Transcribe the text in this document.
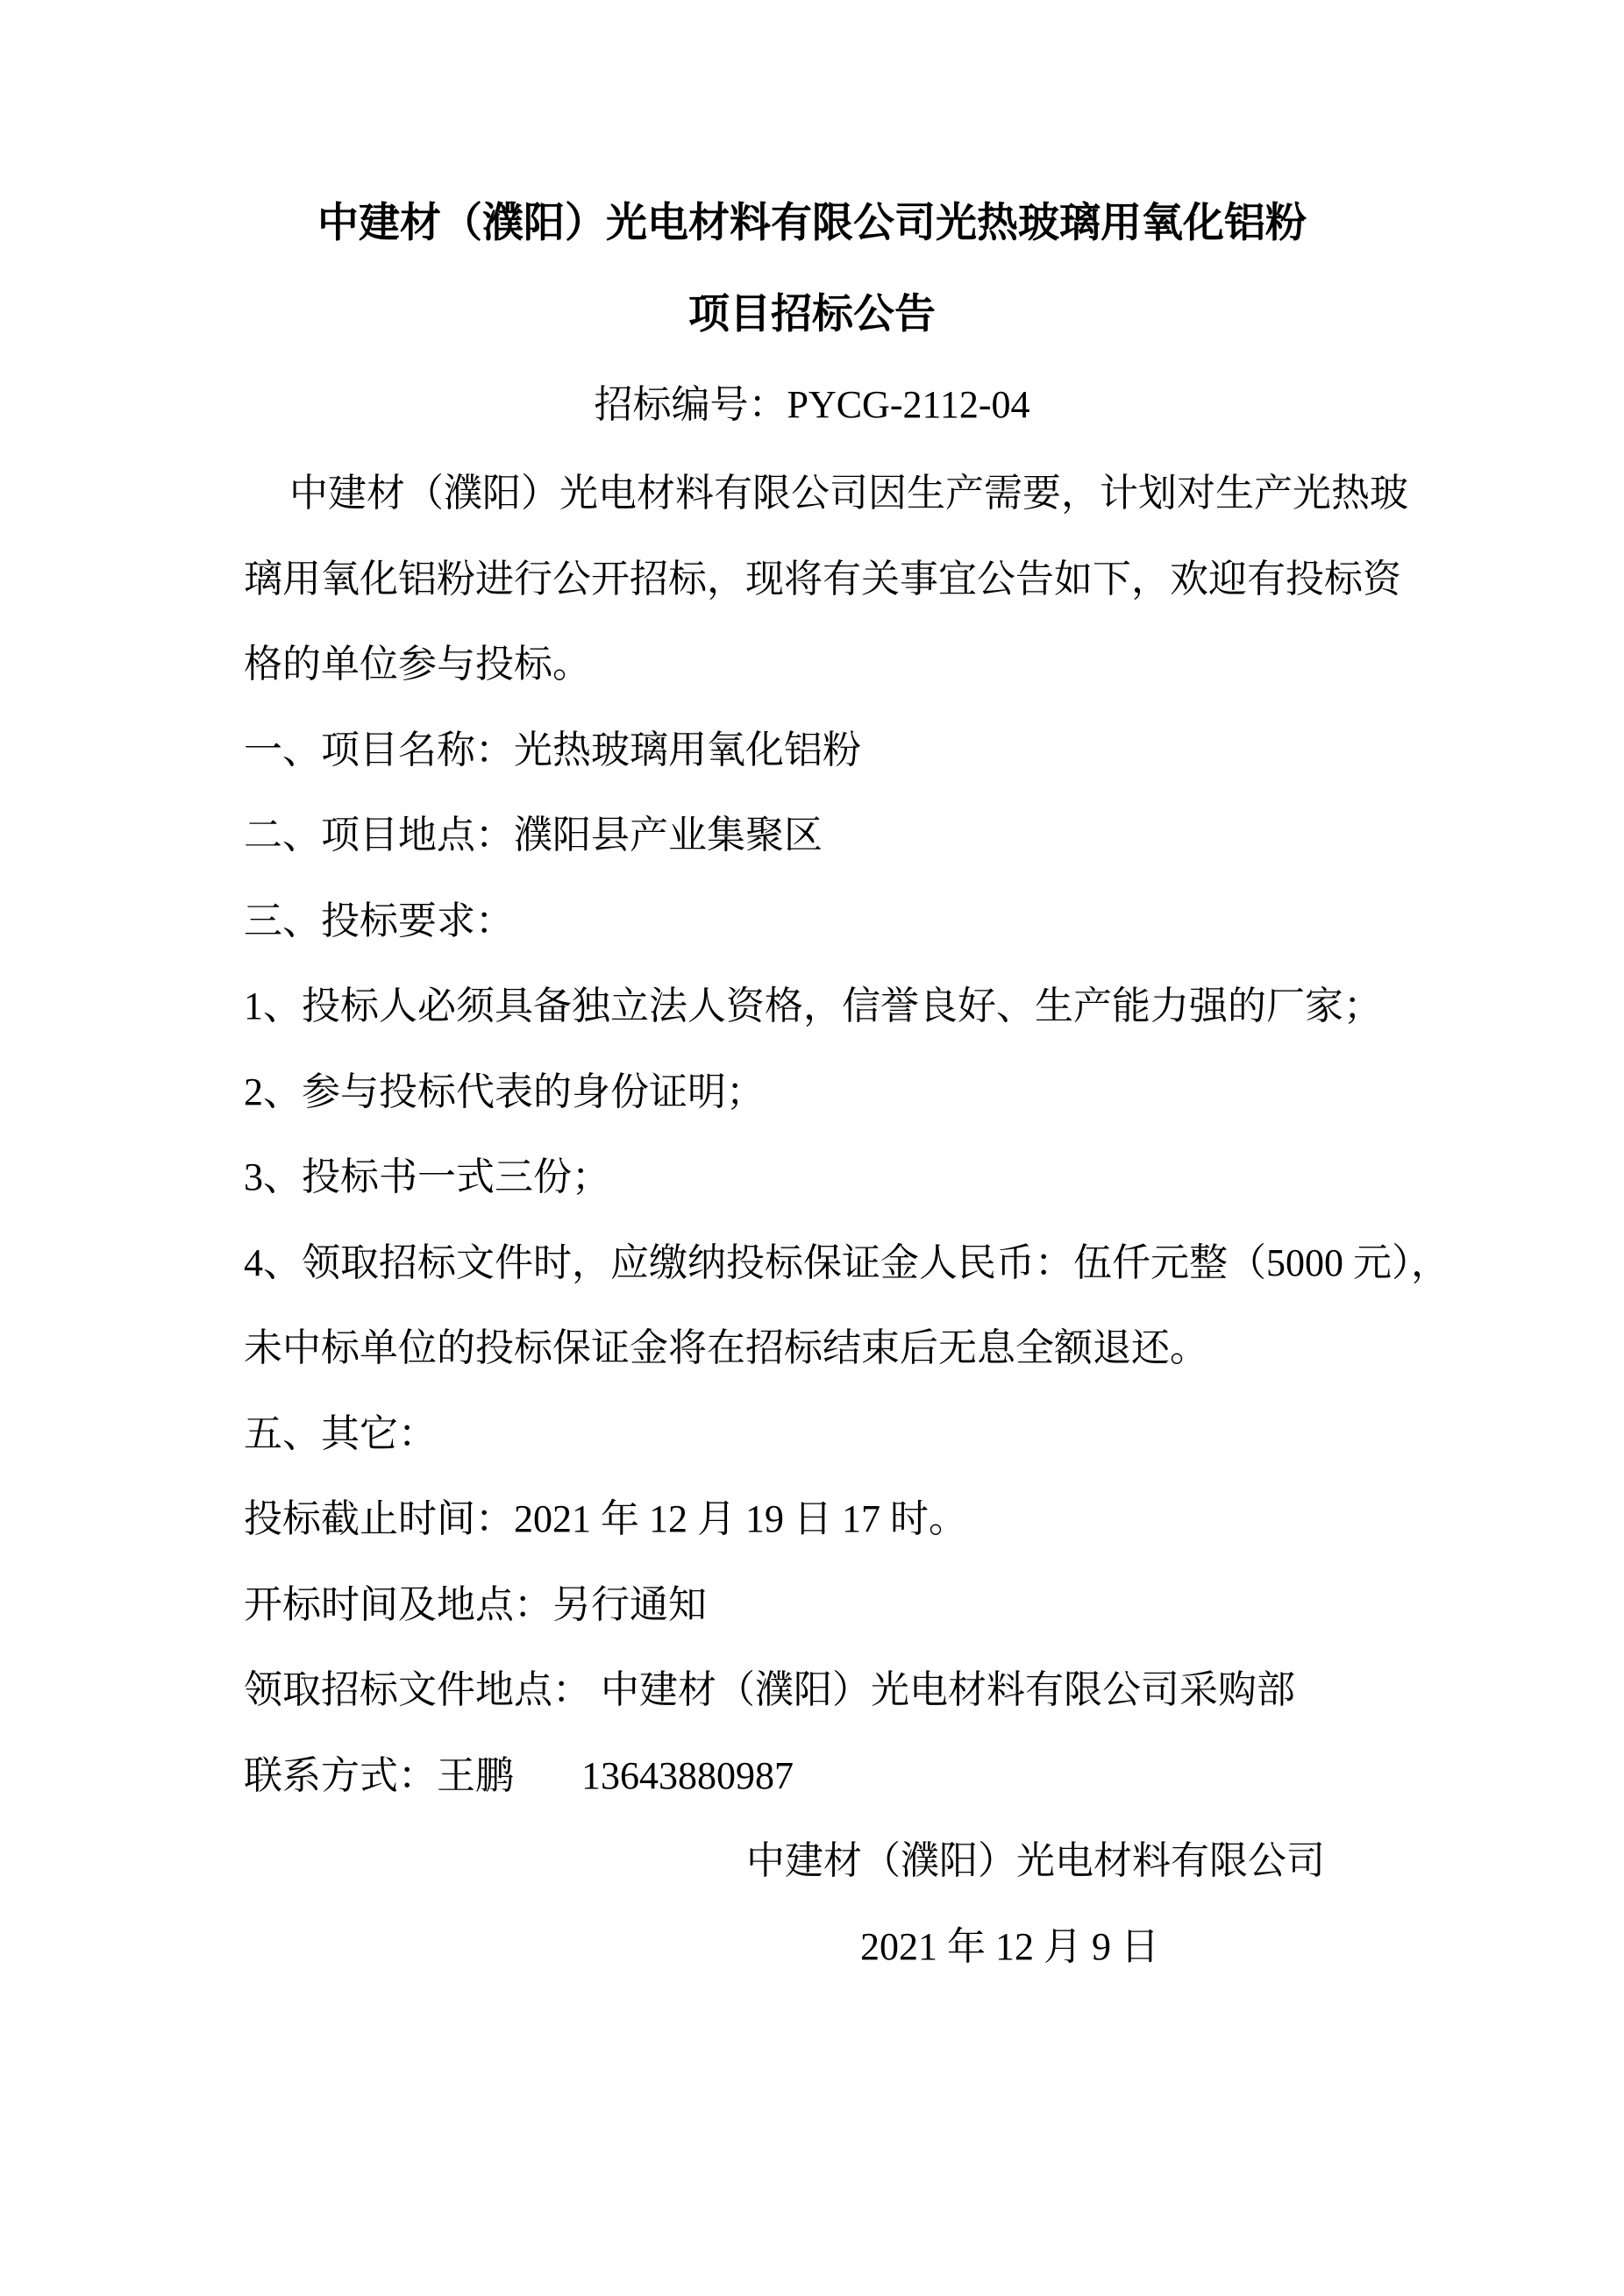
中建材（濮阳）光电材料有限公司光热玻璃用氧化铝粉
项目招标公告
招标编号：PYCG-2112-04
中建材（濮阳）光电材料有限公司因生产需要，计划对生产光热玻
璃用氧化铝粉进行公开招标，现将有关事宜公告如下，欢迎有投标资
格的单位参与投标。
一、项目名称：光热玻璃用氧化铝粉
二、项目地点：濮阳县产业集聚区
三、投标要求：
1、投标人必须具备独立法人资格，信誉良好、生产能力强的厂家；
2、参与投标代表的身份证明；
3、投标书一式三份；
4、领取招标文件时，应缴纳投标保证金人民币：伍仟元整（5000 元），
未中标单位的投标保证金将在招标结束后无息全额退还。
五、其它：
投标截止时间：2021 年 12 月 19 日 17 时。
开标时间及地点：另行通知
领取招标文件地点： 中建材（濮阳）光电材料有限公司采购部
联系方式：王鹏       13643880987
中建材（濮阳）光电材料有限公司
2021 年 12 月 9 日
